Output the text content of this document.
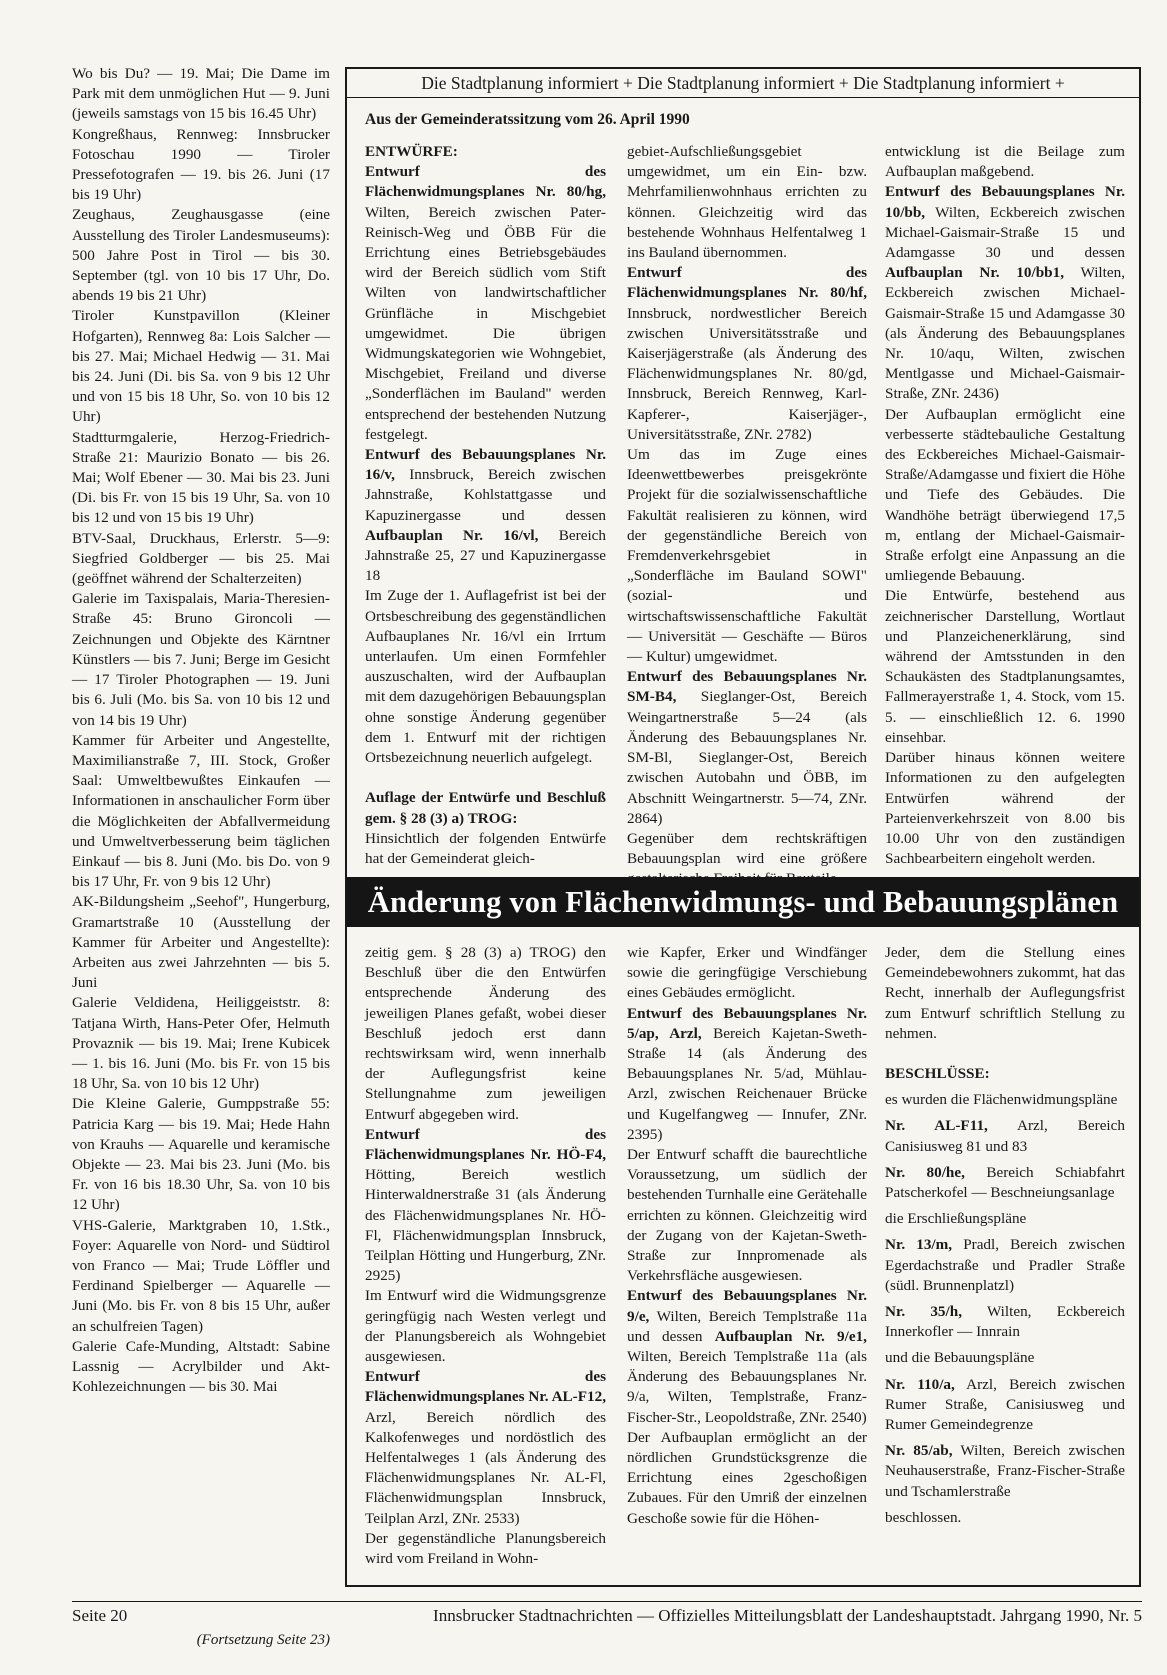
Wo bis Du? — 19. Mai; Die Dame im Park mit dem unmöglichen Hut — 9. Juni (jeweils samstags von 15 bis 16.45 Uhr)

Kongreßhaus, Rennweg: Innsbrucker Fotoschau 1990 — Tiroler Pressefotografen — 19. bis 26. Juni (17 bis 19 Uhr)

Zeughaus, Zeughausgasse (eine Ausstellung des Tiroler Landesmuseums): 500 Jahre Post in Tirol — bis 30. September (tgl. von 10 bis 17 Uhr, Do. abends 19 bis 21 Uhr)

Tiroler Kunstpavillon (Kleiner Hofgarten), Rennweg 8a: Lois Salcher — bis 27. Mai; Michael Hedwig — 31. Mai bis 24. Juni (Di. bis Sa. von 9 bis 12 Uhr und von 15 bis 18 Uhr, So. von 10 bis 12 Uhr)

Stadtturmgalerie, Herzog-Friedrich-Straße 21: Maurizio Bonato — bis 26. Mai; Wolf Ebener — 30. Mai bis 23. Juni (Di. bis Fr. von 15 bis 19 Uhr, Sa. von 10 bis 12 und von 15 bis 19 Uhr)

BTV-Saal, Druckhaus, Erlerstr. 5—9: Siegfried Goldberger — bis 25. Mai (geöffnet während der Schalterzeiten)

Galerie im Taxispalais, Maria-Theresien-Straße 45: Bruno Gironcoli — Zeichnungen und Objekte des Kärntner Künstlers — bis 7. Juni; Berge im Gesicht — 17 Tiroler Photographen — 19. Juni bis 6. Juli (Mo. bis Sa. von 10 bis 12 und von 14 bis 19 Uhr)

Kammer für Arbeiter und Angestellte, Maximilianstraße 7, III. Stock, Großer Saal: Umweltbewußtes Einkaufen — Informationen in anschaulicher Form über die Möglichkeiten der Abfallvermeidung und Umweltverbesserung beim täglichen Einkauf — bis 8. Juni (Mo. bis Do. von 9 bis 17 Uhr, Fr. von 9 bis 12 Uhr)

AK-Bildungsheim „Seehof", Hungerburg, Gramartstraße 10 (Ausstellung der Kammer für Arbeiter und Angestellte): Arbeiten aus zwei Jahrzehnten — bis 5. Juni

Galerie Veldidena, Heiliggeiststr. 8: Tatjana Wirth, Hans-Peter Ofer, Helmuth Provaznik — bis 19. Mai; Irene Kubicek — 1. bis 16. Juni (Mo. bis Fr. von 15 bis 18 Uhr, Sa. von 10 bis 12 Uhr)

Die Kleine Galerie, Gumppstraße 55: Patricia Karg — bis 19. Mai; Hede Hahn von Krauhs — Aquarelle und keramische Objekte — 23. Mai bis 23. Juni (Mo. bis Fr. von 16 bis 18.30 Uhr, Sa. von 10 bis 12 Uhr)

VHS-Galerie, Marktgraben 10, 1.Stk., Foyer: Aquarelle von Nord- und Südtirol von Franco — Mai; Trude Löffler und Ferdinand Spielberger — Aquarelle — Juni (Mo. bis Fr. von 8 bis 15 Uhr, außer an schulfreien Tagen)

Galerie Cafe-Munding, Altstadt: Sabine Lassnig — Acrylbilder und Akt-Kohlezeichnungen — bis 30. Mai

(Fortsetzung Seite 23)
Die Stadtplanung informiert + Die Stadtplanung informiert + Die Stadtplanung informiert +
Aus der Gemeinderatssitzung vom 26. April 1990

ENTWÜRFE:

Entwurf des Flächenwidmungsplanes Nr. 80/hg, Wilten, Bereich zwischen Pater-Reinisch-Weg und ÖBB Für die Errichtung eines Betriebsgebäudes wird der Bereich südlich vom Stift Wilten von landwirtschaftlicher Grünfläche in Mischgebiet umgewidmet. Die übrigen Widmungskategorien wie Wohngebiet, Mischgebiet, Freiland und diverse „Sonderflächen im Bauland" werden entsprechend der bestehenden Nutzung festgelegt.

Entwurf des Bebauungsplanes Nr. 16/v, Innsbruck, Bereich zwischen Jahnstraße, Kohlstattgasse und Kapuzinergasse und dessen Aufbauplan Nr. 16/vl, Bereich Jahnstraße 25, 27 und Kapuzinergasse 18

Im Zuge der 1. Auflagefrist ist bei der Ortsbeschreibung des gegenständlichen Aufbauplanes Nr. 16/vl ein Irrtum unterlaufen. Um einen Formfehler auszuschalten, wird der Aufbauplan mit dem dazugehörigen Bebauungsplan ohne sonstige Änderung gegenüber dem 1. Entwurf mit der richtigen Ortsbezeichnung neuerlich aufgelegt.

Auflage der Entwürfe und Beschluß gem. § 28 (3) a) TROG:

Hinsichtlich der folgenden Entwürfe hat der Gemeinderat gleich-

gebiet-Aufschließungsgebiet umgewidmet, um ein Ein- bzw. Mehrfamilienwohnhaus errichten zu können. Gleichzeitig wird das bestehende Wohnhaus Helfentalweg 1 ins Bauland übernommen.

Entwurf des Flächenwidmungsplanes Nr. 80/hf, Innsbruck, nordwestlicher Bereich zwischen Universitätsstraße und Kaiserjägerstraße (als Änderung des Flächenwidmungsplanes Nr. 80/gd, Innsbruck, Bereich Rennweg, Karl-Kapferer-, Kaiserjäger-, Universitätsstraße, ZNr. 2782)

Um das im Zuge eines Ideenwettbewerbes preisgekrönte Projekt für die sozialwissenschaftliche Fakultät realisieren zu können, wird der gegenständliche Bereich von Fremdenverkehrsgebiet in „Sonderfläche im Bauland SOWI" (sozial- und wirtschaftswissenschaftliche Fakultät — Universität — Geschäfte — Büros — Kultur) umgewidmet.

Entwurf des Bebauungsplanes Nr. SM-B4, Sieglanger-Ost, Bereich Weingartnerstraße 5—24 (als Änderung des Bebauungsplanes Nr. SM-Bl, Sieglanger-Ost, Bereich zwischen Autobahn und ÖBB, im Abschnitt Weingartnerstr. 5—74, ZNr. 2864)

Gegenüber dem rechtskräftigen Bebauungsplan wird eine größere

entwicklung ist die Beilage zum Aufbauplan maßgebend.

Entwurf des Bebauungsplanes Nr. 10/bb, Wilten, Eckbereich zwischen Michael-Gaismair-Straße 15 und Adamgasse 30 und dessen Aufbauplan Nr. 10/bb1, Wilten, Eckbereich zwischen Michael-Gaismair-Straße 15 und Adamgasse 30 (als Änderung des Bebauungsplanes Nr. 10/aqu, Wilten, zwischen Mentlgasse und Michael-Gaismair-Straße, ZNr. 2436)

Der Aufbauplan ermöglicht eine verbesserte städtebauliche Gestaltung des Eckbereiches Michael-Gaismair-Straße/Adamgasse und fixiert die Höhe und Tiefe des Gebäudes. Die Wandhöhe beträgt überwiegend 17,5 m, entlang der Michael-Gaismair-Straße erfolgt eine Anpassung an die umliegende Bebauung.

Die Entwürfe, bestehend aus zeichnerischer Darstellung, Wortlaut und Planzeichenerklärung, sind während der Amtsstunden in den Schaukästen des Stadtplanungsamtes, Fallmerayerstraße 1, 4. Stock, vom 15. 5. — einschließlich 12. 6. 1990 einsehbar.

Darüber hinaus können weitere Informationen zu den aufgelegten Entwürfen während der Parteienverkehrszeit von 8.00 bis 10.00 Uhr von den zuständigen Sachbearbeitern eingeholt werden.

Änderung von Flächenwidmungs- und Bebauungsplänen

zeitig gem. § 28 (3) a) TROG) den Beschluß über die den Entwürfen entsprechende Änderung des jeweiligen Planes gefaßt, wobei dieser Beschluß jedoch erst dann rechtswirksam wird, wenn innerhalb der Auflegungsfrist keine Stellungnahme zum jeweiligen Entwurf abgegeben wird.

Entwurf des Flächenwidmungsplanes Nr. HÖ-F4, Hötting, Bereich westlich Hinterwaldnerstraße 31 (als Änderung des Flächenwidmungsplanes Nr. HÖ-Fl, Flächenwidmungsplan Innsbruck, Teilplan Hötting und Hungerburg, ZNr. 2925)

Im Entwurf wird die Widmungsgrenze geringfügig nach Westen verlegt und der Planungsbereich als Wohngebiet ausgewiesen.

Entwurf des Flächenwidmungsplanes Nr. AL-F12, Arzl, Bereich nördlich des Kalkofenweges und nordöstlich des Helfentalweges 1 (als Änderung des Flächenwidmungsplanes Nr. AL-Fl, Flächenwidmungsplan Innsbruck, Teilplan Arzl, ZNr. 2533)

Der gegenständliche Planungsbereich wird vom Freiland in Wohn-

wie Kapfer, Erker und Windfänger sowie die geringfügige Verschiebung eines Gebäudes ermöglicht.

Entwurf des Bebauungsplanes Nr. 5/ap, Arzl, Bereich Kajetan-Sweth-Straße 14 (als Änderung des Bebauungsplanes Nr. 5/ad, Mühlau-Arzl, zwischen Reichenauer Brücke und Kugelfangweg — Innufer, ZNr. 2395)

Der Entwurf schafft die baurechtliche Voraussetzung, um südlich der bestehenden Turnhalle eine Gerätehalle errichten zu können. Gleichzeitig wird der Zugang von der Kajetan-Sweth-Straße zur Innpromenade als Verkehrsfläche ausgewiesen.

Entwurf des Bebauungsplanes Nr. 9/e, Wilten, Bereich Templstraße 11a und dessen Aufbauplan Nr. 9/e1, Wilten, Bereich Templstraße 11a (als Änderung des Bebauungsplanes Nr. 9/a, Wilten, Templstraße, Franz-Fischer-Str., Leopoldstraße, ZNr. 2540)

Der Aufbauplan ermöglicht an der nördlichen Grundstücksgrenze die Errichtung eines 2geschoßigen Zubaues. Für den Umriß der einzelnen Geschoße sowie für die Höhen-

Jeder, dem die Stellung eines Gemeindebewohners zukommt, hat das Recht, innerhalb der Auflegungsfrist zum Entwurf schriftlich Stellung zu nehmen.

BESCHLÜSSE:

es wurden die Flächenwidmungspläne

Nr. AL-F11, Arzl, Bereich Canisiusweg 81 und 83

Nr. 80/he, Bereich Schiabfahrt Patscherkofel — Beschneiungsanlage

die Erschließungspläne

Nr. 13/m, Pradl, Bereich zwischen Egerdachstraße und Pradler Straße (südl. Brunnenplatzl)

Nr. 35/h, Wilten, Eckbereich Innerkofler — Innrain

und die Bebauungspläne

Nr. 110/a, Arzl, Bereich zwischen Rumer Straße, Canisiusweg und Rumer Gemeindegrenze

Nr. 85/ab, Wilten, Bereich zwischen Neuhauserstraße, Franz-Fischer-Straße und Tschamlerstraße

beschlossen.

Seite 20	Innsbrucker Stadtnachrichten — Offizielles Mitteilungsblatt der Landeshauptstadt. Jahrgang 1990, Nr. 5
